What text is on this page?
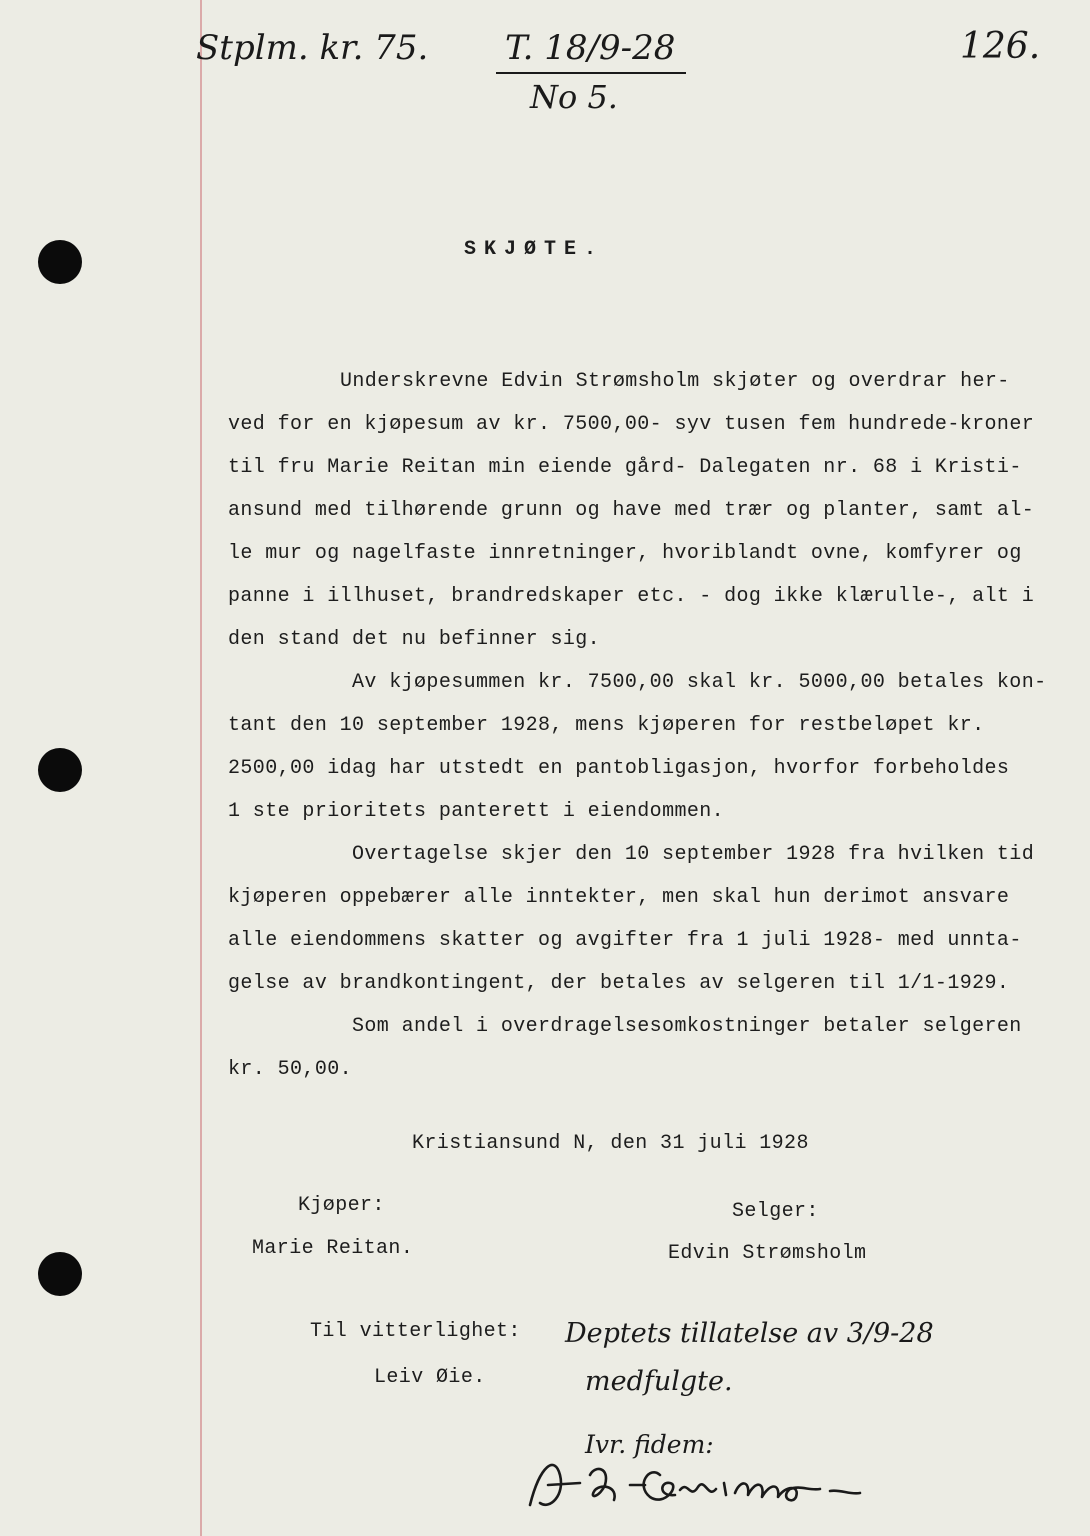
Stplm. kr. 75. T. 18/9-28
No 5.
126.
SKJØTE.
Underskrevne Edvin Strømsholm skjøter og overdrar her-
ved for en kjøpesum av kr. 7500,00- syv tusen fem hundrede-kroner
til fru Marie Reitan min eiende gård- Dalegaten nr. 68 i Kristi-
ansund med tilhørende grunn og have med trær og planter, samt al-
le mur og nagelfaste innretninger, hvoriblandt ovne, komfyrer og
panne i illhuset, brandredskaper etc. - dog ikke klærulle-, alt i
den stand det nu befinner sig.
Av kjøpesummen kr. 7500,00 skal kr. 5000,00 betales kon-
tant den 10 september 1928, mens kjøperen for restbeløpet kr.
2500,00 idag har utstedt en pantobligasjon, hvorfor forbeholdes
1 ste prioritets panterett i eiendommen.
Overtagelse skjer den 10 september 1928 fra hvilken tid
kjøperen oppebærer alle inntekter, men skal hun derimot ansvare
alle eiendommens skatter og avgifter fra 1 juli 1928- med unnta-
gelse av brandkontingent, der betales av selgeren til 1/1-1929.
Som andel i overdragelsesomkostninger betaler selgeren
kr. 50,00.
Kristiansund N, den 31 juli 1928
Kjøper:
Marie Reitan.
Selger:
Edvin Strømsholm
Til vitterlighet:
Leiv Øie.
Deptets tillatelse av 3/9-28
medfulgte.
Ivr. fidem:
